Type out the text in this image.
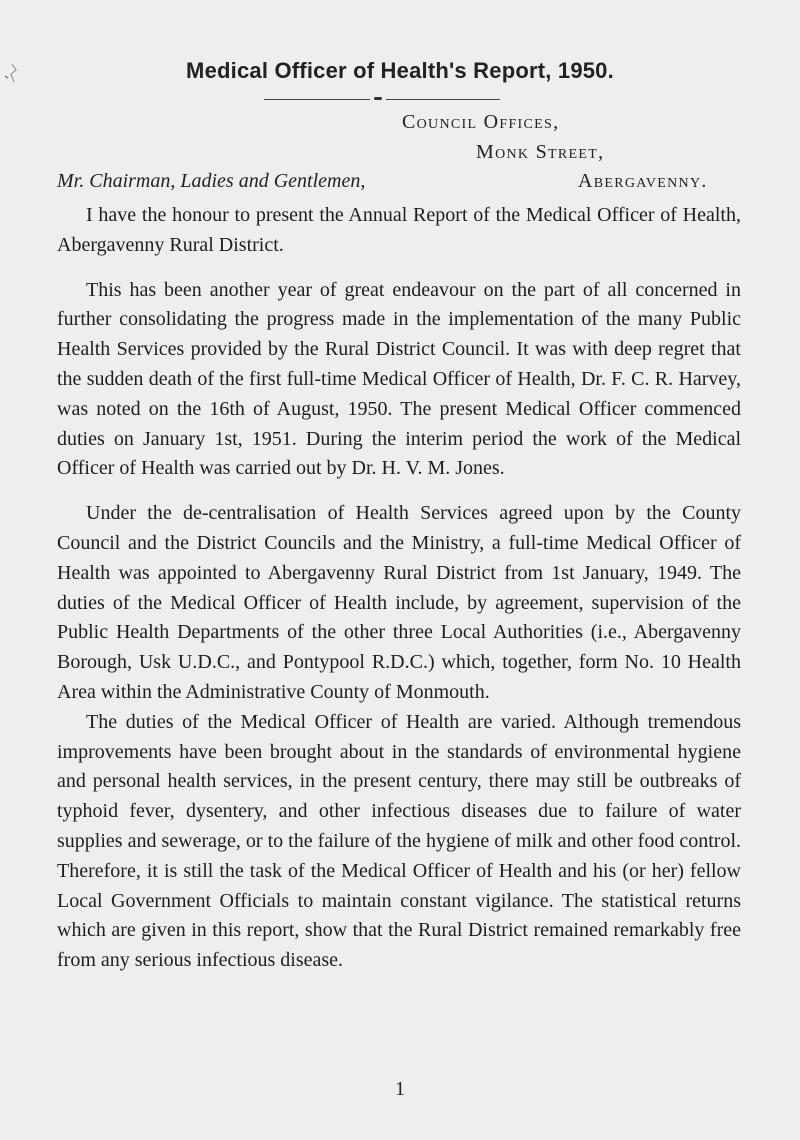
Medical Officer of Health's Report, 1950.
Council Offices,
Monk Street,
Abergavenny.
Mr. Chairman, Ladies and Gentlemen,

I have the honour to present the Annual Report of the Medical Officer of Health, Abergavenny Rural District.

This has been another year of great endeavour on the part of all concerned in further consolidating the progress made in the implementation of the many Public Health Services provided by the Rural District Council. It was with deep regret that the sudden death of the first full-time Medical Officer of Health, Dr. F. C. R. Harvey, was noted on the 16th of August, 1950. The present Medical Officer commenced duties on January 1st, 1951. During the interim period the work of the Medical Officer of Health was carried out by Dr. H. V. M. Jones.

Under the de-centralisation of Health Services agreed upon by the County Council and the District Councils and the Ministry, a full-time Medical Officer of Health was appointed to Abergavenny Rural District from 1st January, 1949. The duties of the Medical Officer of Health include, by agreement, supervision of the Public Health Departments of the other three Local Authorities (i.e., Abergavenny Borough, Usk U.D.C., and Pontypool R.D.C.) which, together, form No. 10 Health Area within the Administrative County of Monmouth.

The duties of the Medical Officer of Health are varied. Although tremendous improvements have been brought about in the standards of environmental hygiene and personal health services, in the present century, there may still be outbreaks of typhoid fever, dysentery, and other infectious diseases due to failure of water supplies and sewerage, or to the failure of the hygiene of milk and other food control. Therefore, it is still the task of the Medical Officer of Health and his (or her) fellow Local Government Officials to maintain constant vigilance. The statistical returns which are given in this report, show that the Rural District remained remarkably free from any serious infectious disease.

1
